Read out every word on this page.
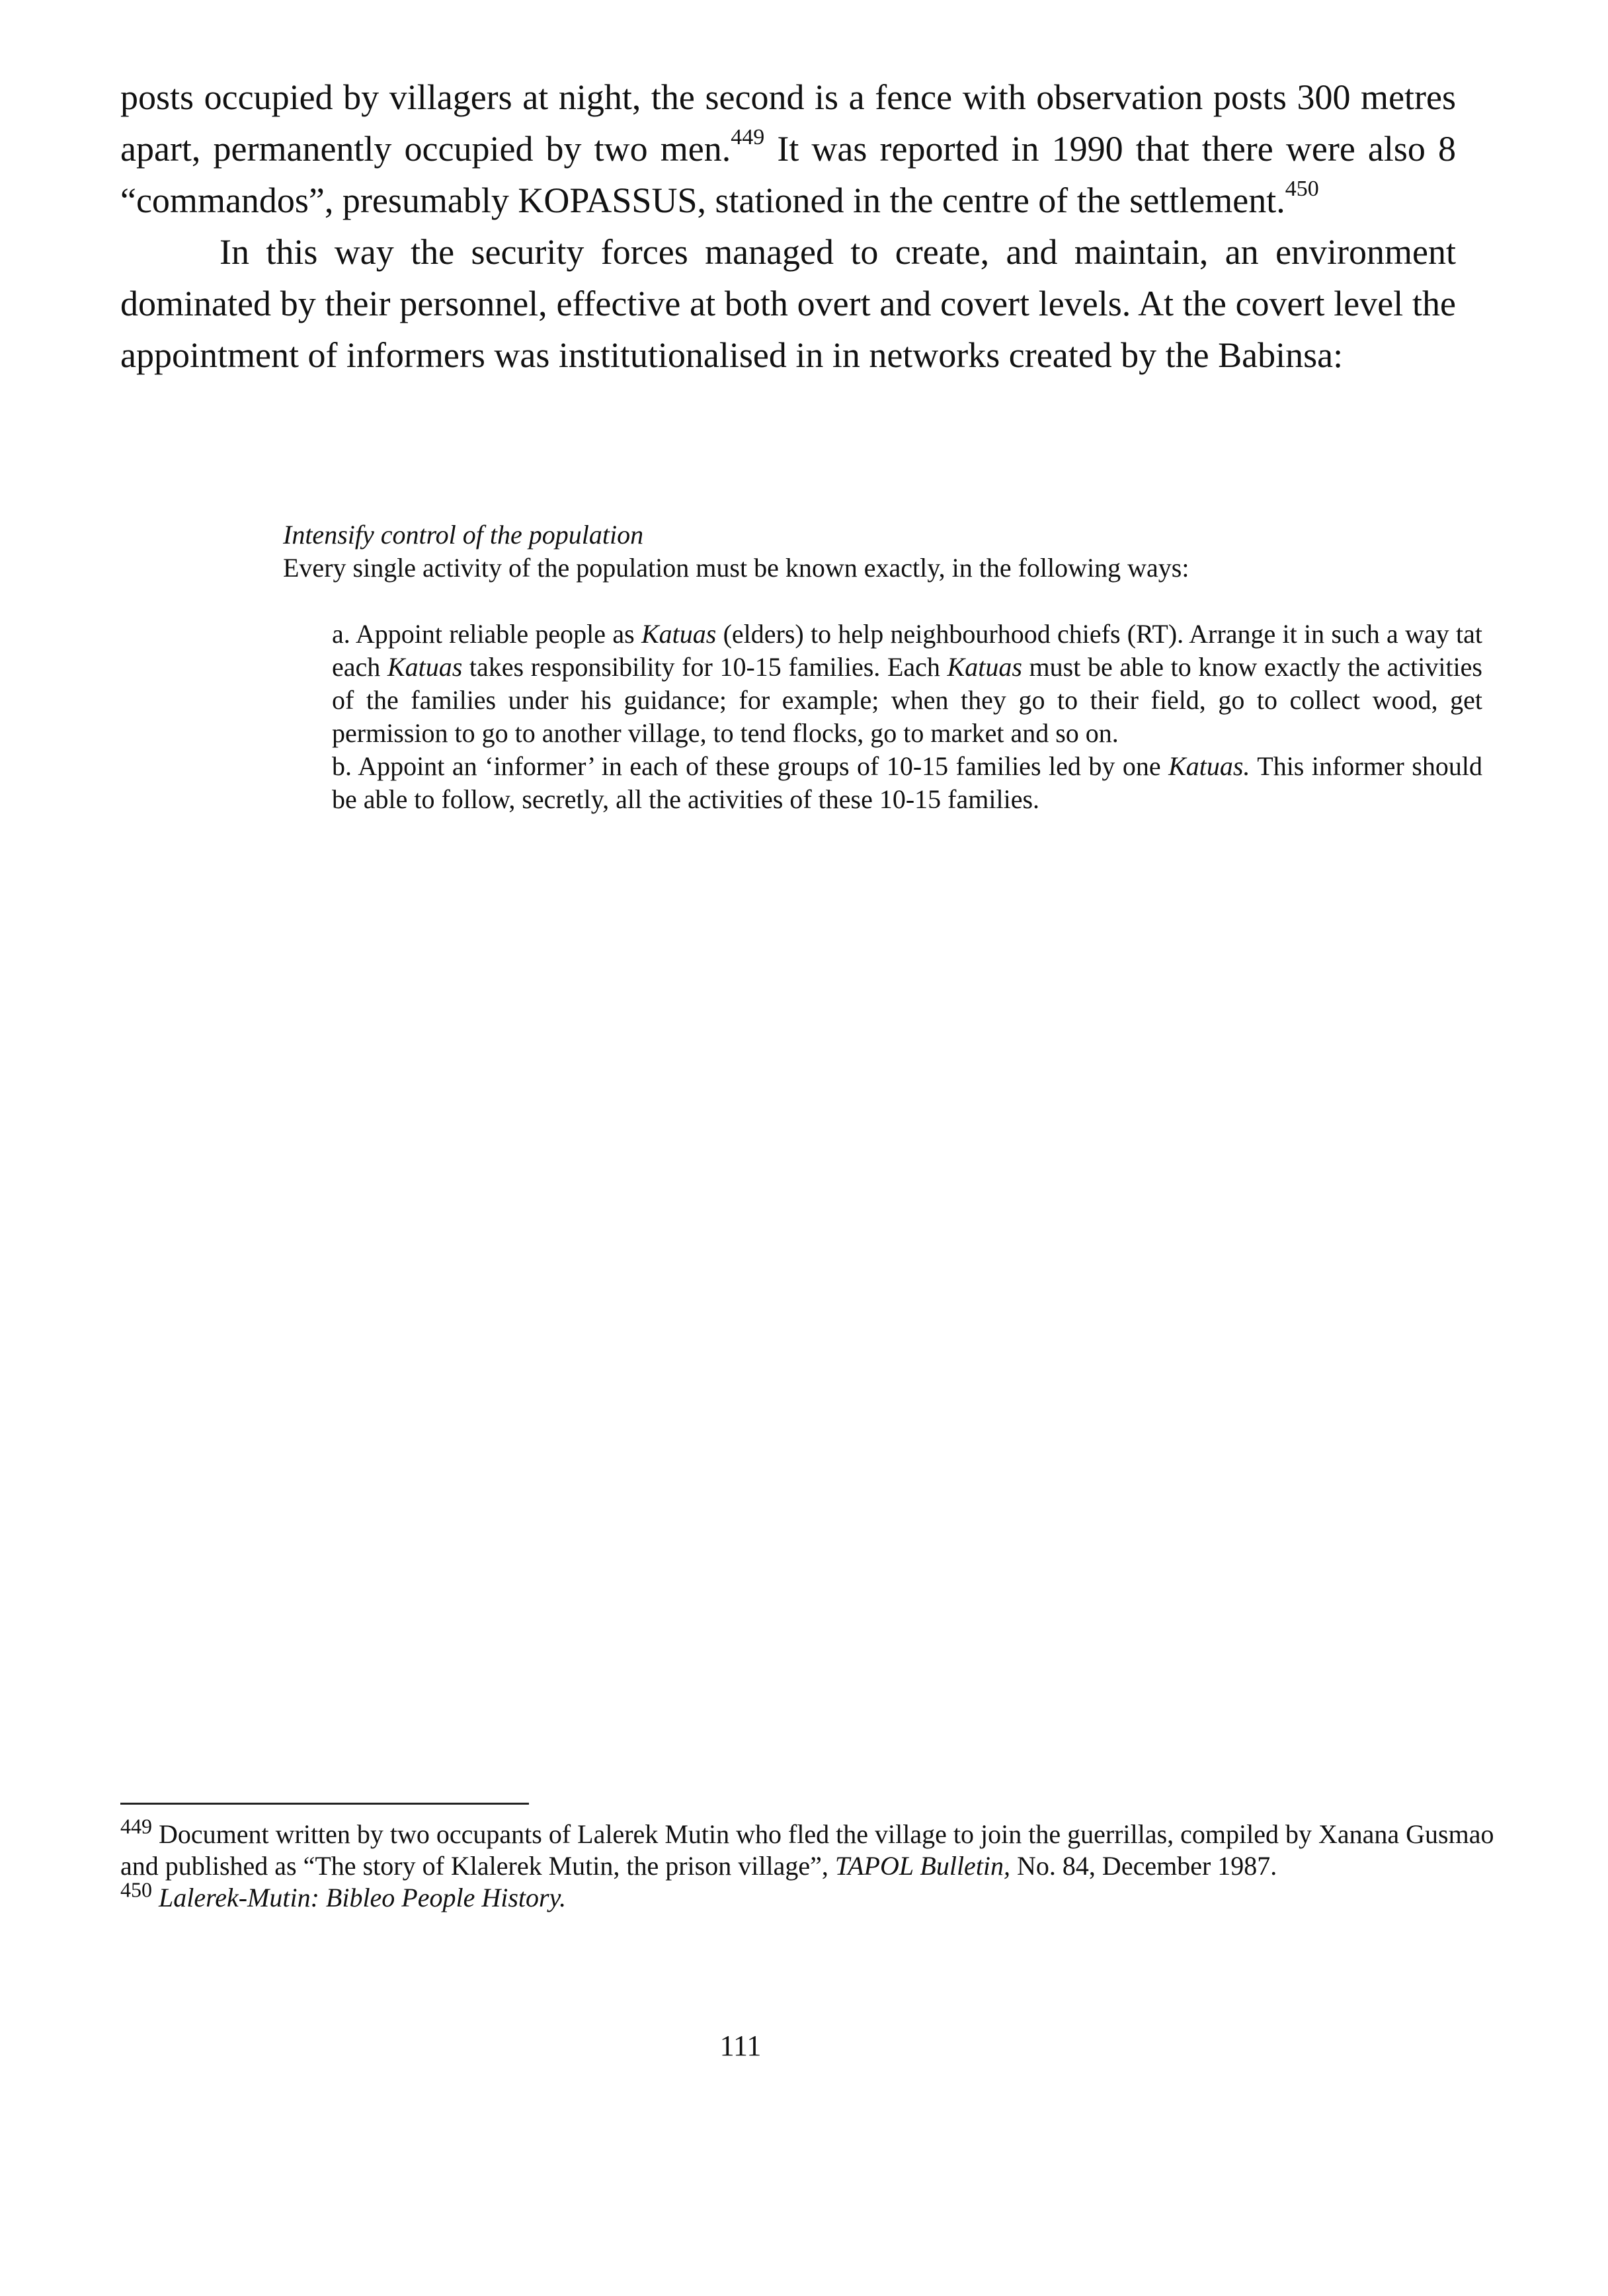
posts occupied by villagers at night, the second is a fence with observation posts 300 metres apart, permanently occupied by two men.$^{449}$ It was reported in 1990 that there were also 8 “commandos”, presumably KOPASSUS, stationed in the centre of the settlement.$^{450}$

In this way the security forces managed to create, and maintain, an environment dominated by their personnel, effective at both overt and covert levels. At the covert level the appointment of informers was institutionalised in in networks created by the Babinsa:

Intensify control of the population

Every single activity of the population must be known exactly, in the following ways:

a. Appoint reliable people as Katuas (elders) to help neighbourhood chiefs (RT). Arrange it in such a way tat each Katuas takes responsibility for 10-15 families. Each Katuas must be able to know exactly the activities of the families under his guidance; for example; when they go to their field, go to collect wood, get permission to go to another village, to tend flocks, go to market and so on.

b. Appoint an ‘informer’ in each of these groups of 10-15 families led by one Katuas. This informer should be able to follow, secretly, all the activities of these 10-15 families.

$^{449}$ Document written by two occupants of Lalerek Mutin who fled the village to join the guerrillas, compiled by Xanana Gusmao and published as “The story of Klalerek Mutin, the prison village”, TAPOL Bulletin, No. 84, December 1987.

$^{450}$ Lalerek-Mutin: Bibleo People History.

111
